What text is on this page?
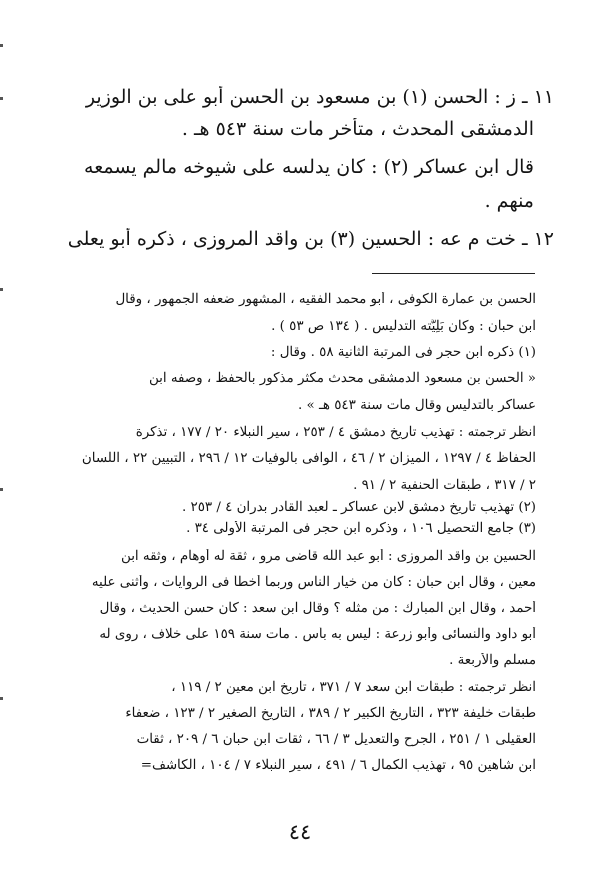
١١ ـ ز : الحسن (١) بن مسعود بن الحسن أبو على بن الوزير
الدمشقى المحدث ، متأخر مات سنة ٥٤٣ هـ .
قال ابن عساكر (٢) : كان يدلسه على شيوخه مالم يسمعه
منهم .
١٢ ـ خت م عه : الحسين (٣) بن واقد المروزى ، ذكره أبو يعلى
الحسن بن عمارة الكوفى ، أبو محمد الفقيه ، المشهور ضعفه الجمهور ، وقال
ابن حبان : وكان بَلِيَّته التدليس . ( ١٣٤ ص ٥٣ ) .
(١) ذكره ابن حجر فى المرتبة الثانية ٥٨ . وقال :
« الحسن بن مسعود الدمشقى محدث مكثر مذكور بالحفظ ، وصفه ابن
عساكر بالتدليس وقال مات سنة ٥٤٣ هـ » .
انظر ترجمته : تهذيب تاريخ دمشق ٤ / ٢٥٣ ، سير النبلاء ٢٠ / ١٧٧ ، تذكرة
الحفاظ ٤ / ١٢٩٧ ، الميزان ٢ / ٤٦ ، الوافى بالوفيات ١٢ / ٢٩٦ ، التبيين ٢٢ ، اللسان
٢ / ٣١٧ ، طبقات الحنفية ٢ / ٩١ .
(٢) تهذيب تاريخ دمشق لابن عساكر ـ لعبد القادر بدران ٤ / ٢٥٣ .
(٣) جامع التحصيل ١٠٦ ، وذكره ابن حجر فى المرتبة الأولى ٣٤ .
الحسين بن واقد المروزى : أبو عبد الله قاضى مرو ، ثقة له أوهام ، وثقه ابن
معين ، وقال ابن حبان : كان من خيار الناس وربما أخطأ فى الروايات ، وأثنى عليه
أحمد ، وقال ابن المبارك : من مثله ؟ وقال ابن سعد : كان حسن الحديث ، وقال
أبو داود والنسائى وأبو زرعة : ليس به بأس . مات سنة ١٥٩ على خلاف ، روى له
مسلم والأربعة .
انظر ترجمته : طبقات ابن سعد ٧ / ٣٧١ ، تاريخ ابن معين ٢ / ١١٩ ،
طبقات خليفة ٣٢٣ ، التاريخ الكبير ٢ / ٣٨٩ ، التاريخ الصغير ٢ / ١٢٣ ، ضعفاء
العقيلى ١ / ٢٥١ ، الجرح والتعديل ٣ / ٦٦ ، ثقات ابن حبان ٦ / ٢٠٩ ، ثقات
ابن شاهين ٩٥ ، تهذيب الكمال ٦ / ٤٩١ ، سير النبلاء ٧ / ١٠٤ ، الكاشف=
٤٤
